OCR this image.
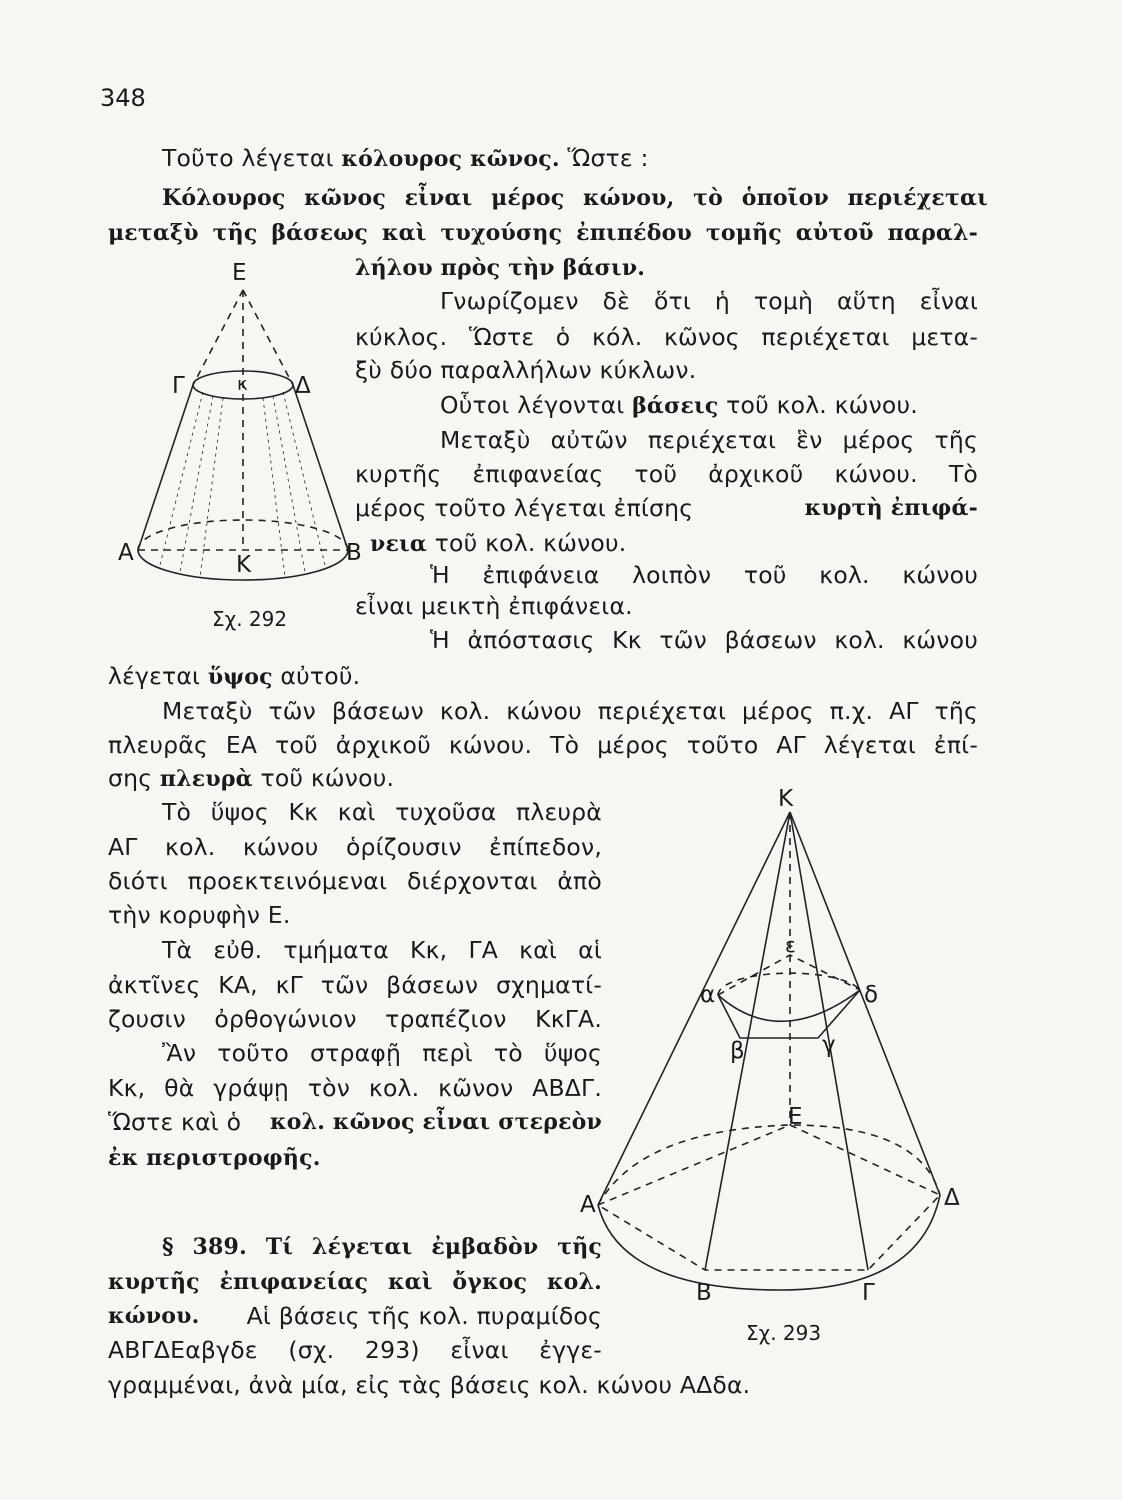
348
Τοῦτο λέγεται κόλουρος κῶνος. Ὥστε :
Κόλουρος κῶνος εἶναι μέρος κώνου, τὸ ὁποῖον περιέχεται
μεταξὺ τῆς βάσεως καὶ τυχούσης ἐπιπέδου τομῆς αὐτοῦ παραλ-
λήλου πρὸς τὴν βάσιν.
Γνωρίζομεν δὲ ὅτι ἡ τομὴ αὕτη εἶναι
κύκλος. Ὥστε ὁ κόλ. κῶνος περιέχεται μετα-
ξὺ δύο παραλλήλων κύκλων.
Οὗτοι λέγονται βάσεις τοῦ κολ. κώνου.
Μεταξὺ αὐτῶν περιέχεται ἓν μέρος τῆς
κυρτῆς ἐπιφανείας τοῦ ἀρχικοῦ κώνου. Τὸ
μέρος τοῦτο λέγεται ἐπίσης	κυρτὴ ἐπιφά-
νεια τοῦ κολ. κώνου.
Ἡ ἐπιφάνεια λοιπὸν τοῦ κολ. κώνου
εἶναι μεικτὴ ἐπιφάνεια.
Ἡ ἀπόστασις Κκ τῶν βάσεων κολ. κώνου
λέγεται ὕψος αὐτοῦ.
Μεταξὺ τῶν βάσεων κολ. κώνου περιέχεται μέρος π.χ. ΑΓ τῆς
πλευρᾶς ΕΑ τοῦ ἀρχικοῦ κώνου. Τὸ μέρος τοῦτο ΑΓ λέγεται ἐπί-
σης πλευρὰ τοῦ κώνου.
Τὸ ὕψος Κκ καὶ τυχοῦσα πλευρὰ
ΑΓ κολ. κώνου ὁρίζουσιν ἐπίπεδον,
διότι προεκτεινόμεναι διέρχονται ἀπὸ
τὴν κορυφὴν Ε.
Τὰ εὐθ. τμήματα Κκ, ΓΑ καὶ αἱ
ἀκτῖνες ΚΑ, κΓ τῶν βάσεων σχηματί-
ζουσιν ὀρθογώνιον τραπέζιον ΚκΓΑ.
Ἂν τοῦτο στραφῇ περὶ τὸ ὕψος
Κκ, θὰ γράψῃ τὸν κολ. κῶνον ΑΒΔΓ.
Ὥστε καὶ ὁ κολ. κῶνος εἶναι στερεὸν
ἐκ περιστροφῆς.
§ 389. Τί λέγεται ἐμβαδὸν τῆς
κυρτῆς ἐπιφανείας καὶ ὄγκος κολ.
κώνου. Αἱ βάσεις τῆς κολ. πυραμίδος
ΑΒΓΔΕαβγδε (σχ. 293) εἶναι ἐγγε-
γραμμέναι, ἀνὰ μία, εἰς τὰς βάσεις κολ. κώνου ΑΔδα.
Ε
Γ	κ Δ
Α	Κ	Β
Σχ. 292
Κ
ε
α	δ
β	γ
Ε
Α	Δ
Β	Γ
Σχ. 293
